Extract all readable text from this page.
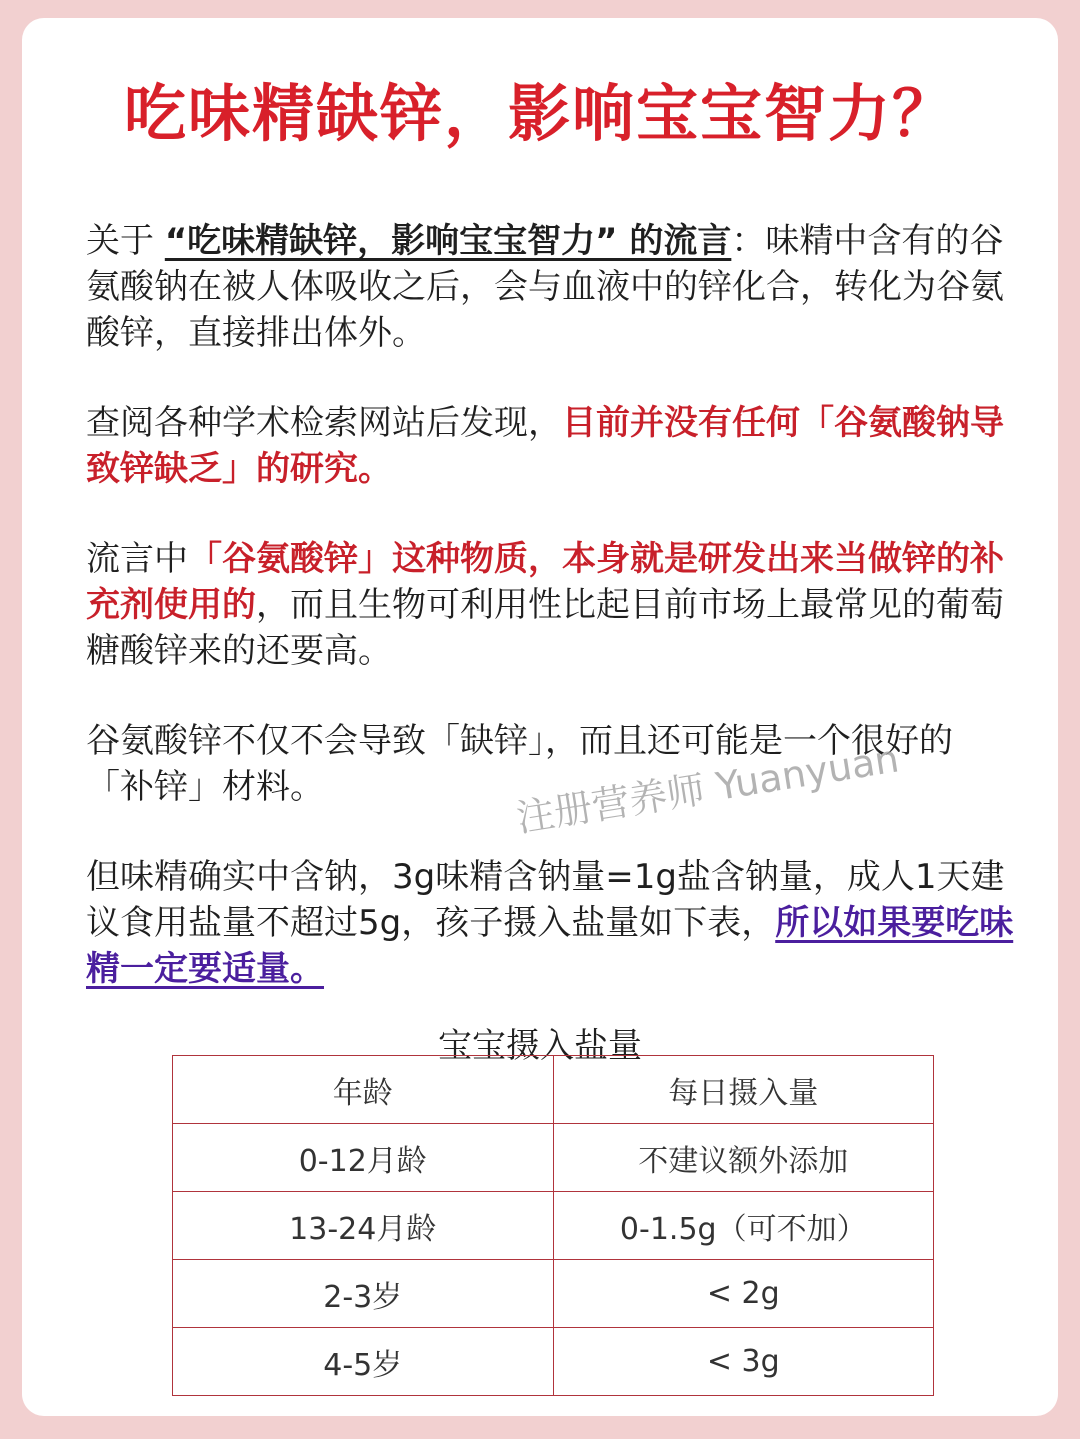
吃味精缺锌，影响宝宝智力？

关于 “吃味精缺锌，影响宝宝智力” 的流言：味精中含有的谷氨酸钠在被人体吸收之后，会与血液中的锌化合，转化为谷氨酸锌，直接排出体外。

查阅各种学术检索网站后发现，目前并没有任何「谷氨酸钠导致锌缺乏」的研究。

流言中「谷氨酸锌」这种物质，本身就是研发出来当做锌的补充剂使用的，而且生物可利用性比起目前市场上最常见的葡萄糖酸锌来的还要高。

谷氨酸锌不仅不会导致「缺锌」，而且还可能是一个很好的「补锌」材料。	注册营养师 Yuanyuan

但味精确实中含钠，3g味精含钠量=1g盐含钠量，成人1天建议食用盐量不超过5g，孩子摄入盐量如下表，所以如果要吃味精一定要适量。

宝宝摄入盐量
年龄	每日摄入量
0-12月龄	不建议额外添加
13-24月龄	0-1.5g（可不加）
2-3岁	< 2g
4-5岁	< 3g
